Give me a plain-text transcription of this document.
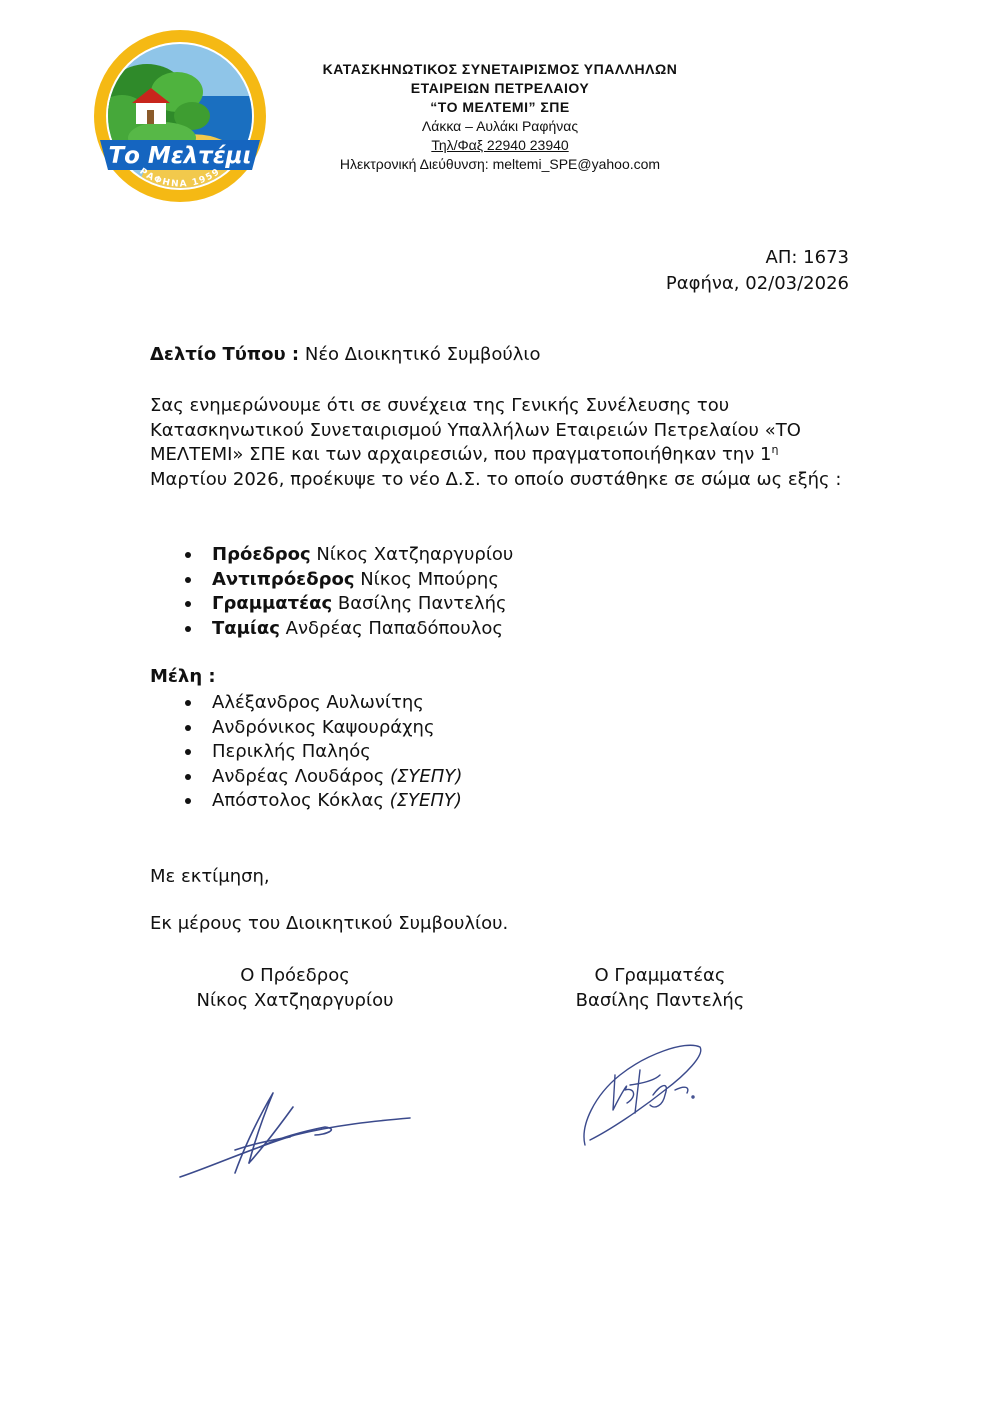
Το Μελτέμι
ΡΑΦΗΝΑ 1959
ΚΑΤΑΣΚΗΝΩΤΙΚΟΣ ΣΥΝΕΤΑΙΡΙΣΜΟΣ ΥΠΑΛΛΗΛΩΝ
ΕΤΑΙΡΕΙΩΝ ΠΕΤΡΕΛΑΙΟΥ
“ΤΟ ΜΕΛΤΕΜΙ” ΣΠΕ
Λάκκα – Αυλάκι Ραφήνας
Τηλ/Φαξ 22940 23940
Ηλεκτρονική Διεύθυνση: meltemi_SPE@yahoo.com
ΑΠ: 1673
Ραφήνα, 02/03/2026
Δελτίο Τύπου : Νέο Διοικητικό Συμβούλιο
Σας ενημερώνουμε ότι σε συνέχεια της Γενικής Συνέλευσης του Κατασκηνωτικού Συνεταιρισμού Υπαλλήλων Εταιρειών Πετρελαίου «ΤΟ ΜΕΛΤΕΜΙ» ΣΠΕ και των αρχαιρεσιών, που πραγματοποιήθηκαν την $1^\eta$ Μαρτίου 2026, προέκυψε το νέο Δ.Σ. το οποίο συστάθηκε σε σώμα ως εξής :
Πρόεδρος Νίκος Χατζηαργυρίου
Αντιπρόεδρος Νίκος Μπούρης
Γραμματέας Βασίλης Παντελής
Ταμίας Ανδρέας Παπαδόπουλος
Μέλη :
Αλέξανδρος Αυλωνίτης
Ανδρόνικος Καψουράχης
Περικλής Παληός
Ανδρέας Λουδάρος (ΣΥΕΠΥ)
Απόστολος Κόκλας (ΣΥΕΠΥ)
Με εκτίμηση,
Εκ μέρους του Διοικητικού Συμβουλίου.
Ο Πρόεδρος
Νίκος Χατζηαργυρίου
Ο Γραμματέας
Βασίλης Παντελής
